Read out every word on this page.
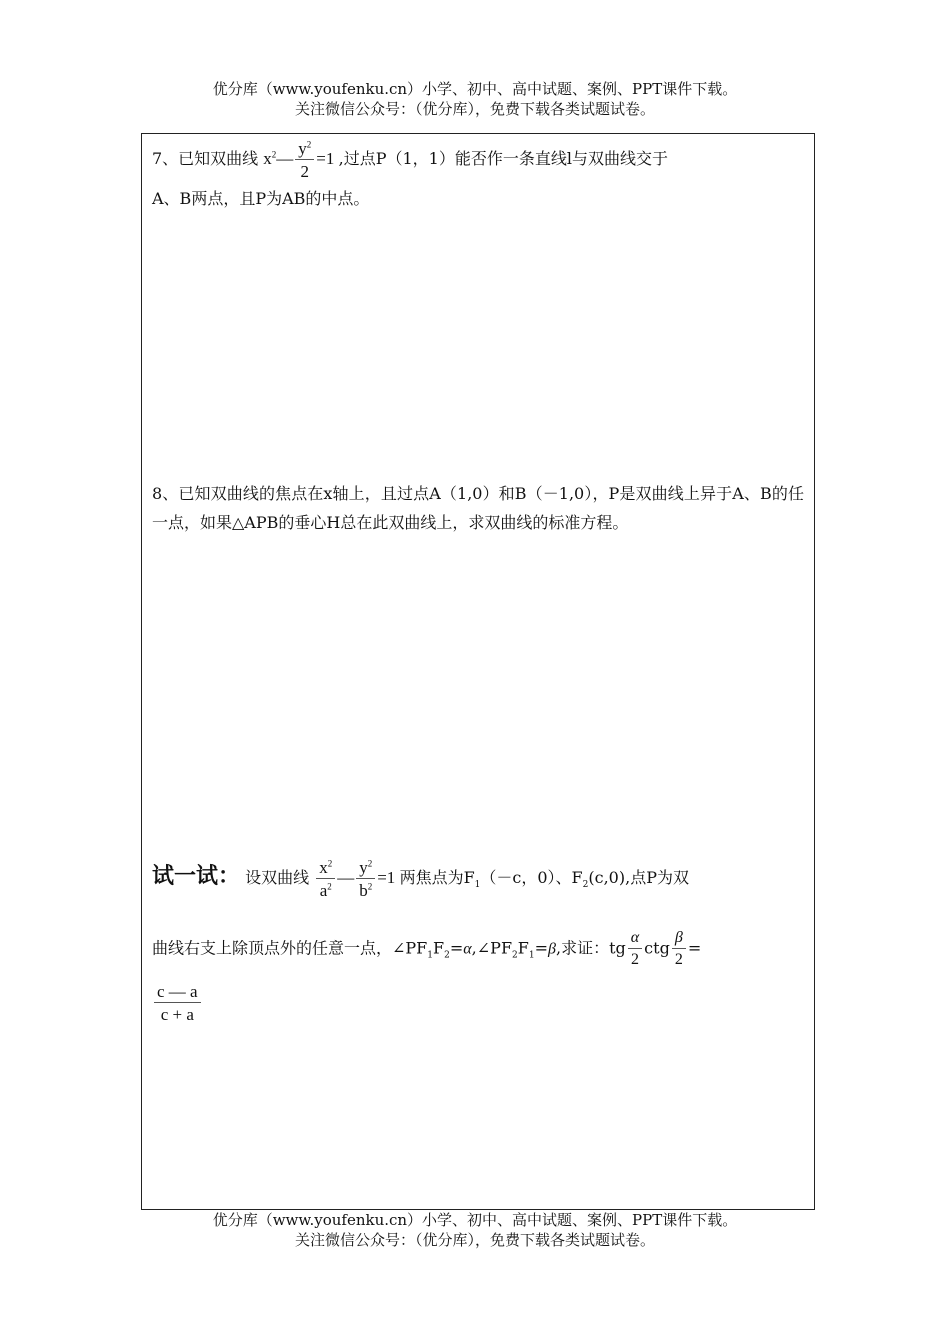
优分库（www.youfenku.cn）小学、初中、高中试题、案例、PPT课件下载。
关注微信公众号：（优分库），免费下载各类试题试卷。
7、已知双曲线 $x^2— \frac{y^2}{2} =1$ ,过点P（1，1）能否作一条直线l与双曲线交于
A、B两点，且P为AB的中点。
8、已知双曲线的焦点在x轴上，且过点A（1,0）和B（－1,0），P是双曲线上异于A、B的任一点，如果△APB的垂心H总在此双曲线上，求双曲线的标准方程。
试一试： 设双曲线 $\frac{x^2}{a^2}$ — $\frac{y^2}{b^2} =1$ 两焦点为$F_1(-c$，0）、$F_2(c,0)$,点P为双
曲线右支上除顶点外的任意一点，$\angle PF_1F_2=\alpha,\angle PF_2F_1=\beta$,求证：tg $\frac{\alpha}{2}$ ctg $\frac{\beta}{2}$ =
$\frac{c — a}{c + a}$
优分库（www.youfenku.cn）小学、初中、高中试题、案例、PPT课件下载。
关注微信公众号：（优分库），免费下载各类试题试卷。
